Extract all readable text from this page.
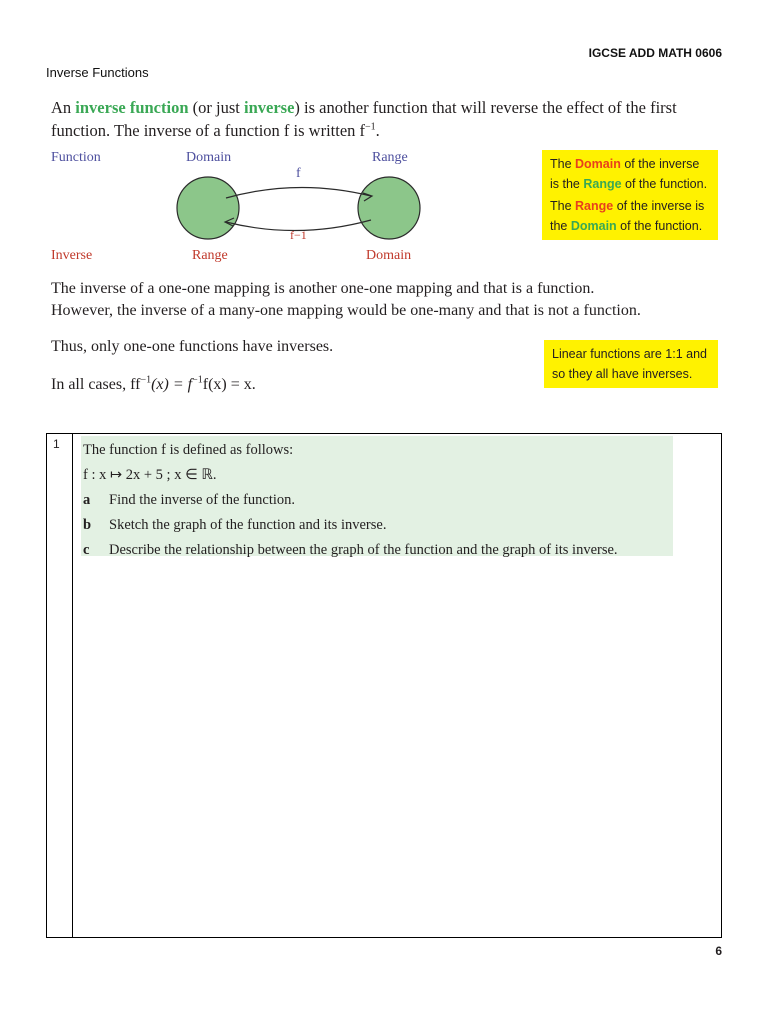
IGCSE ADD MATH 0606
Inverse Functions
An inverse function (or just inverse) is another function that will reverse the effect of the first function. The inverse of a function f is written $f^{-1}$.
Function	Domain	Range
f
f−1
Inverse	Range	Domain
The Domain of the inverse
is the Range of the function.
The Range of the inverse is
the Domain of the function.
The inverse of a one-one mapping is another one-one mapping and that is a function.
However, the inverse of a many-one mapping would be one-many and that is not a function.
Thus, only one-one functions have inverses.
In all cases, $ff^{-1}(x) = f^{-1}f(x) = x$.
Linear functions are 1:1 and
so they all have inverses.
1	The function f is defined as follows:
f : x ↦ 2x + 5 ; x ∈ ℝ.
a	Find the inverse of the function.
b	Sketch the graph of the function and its inverse.
c	Describe the relationship between the graph of the function and the graph of its inverse.
6
